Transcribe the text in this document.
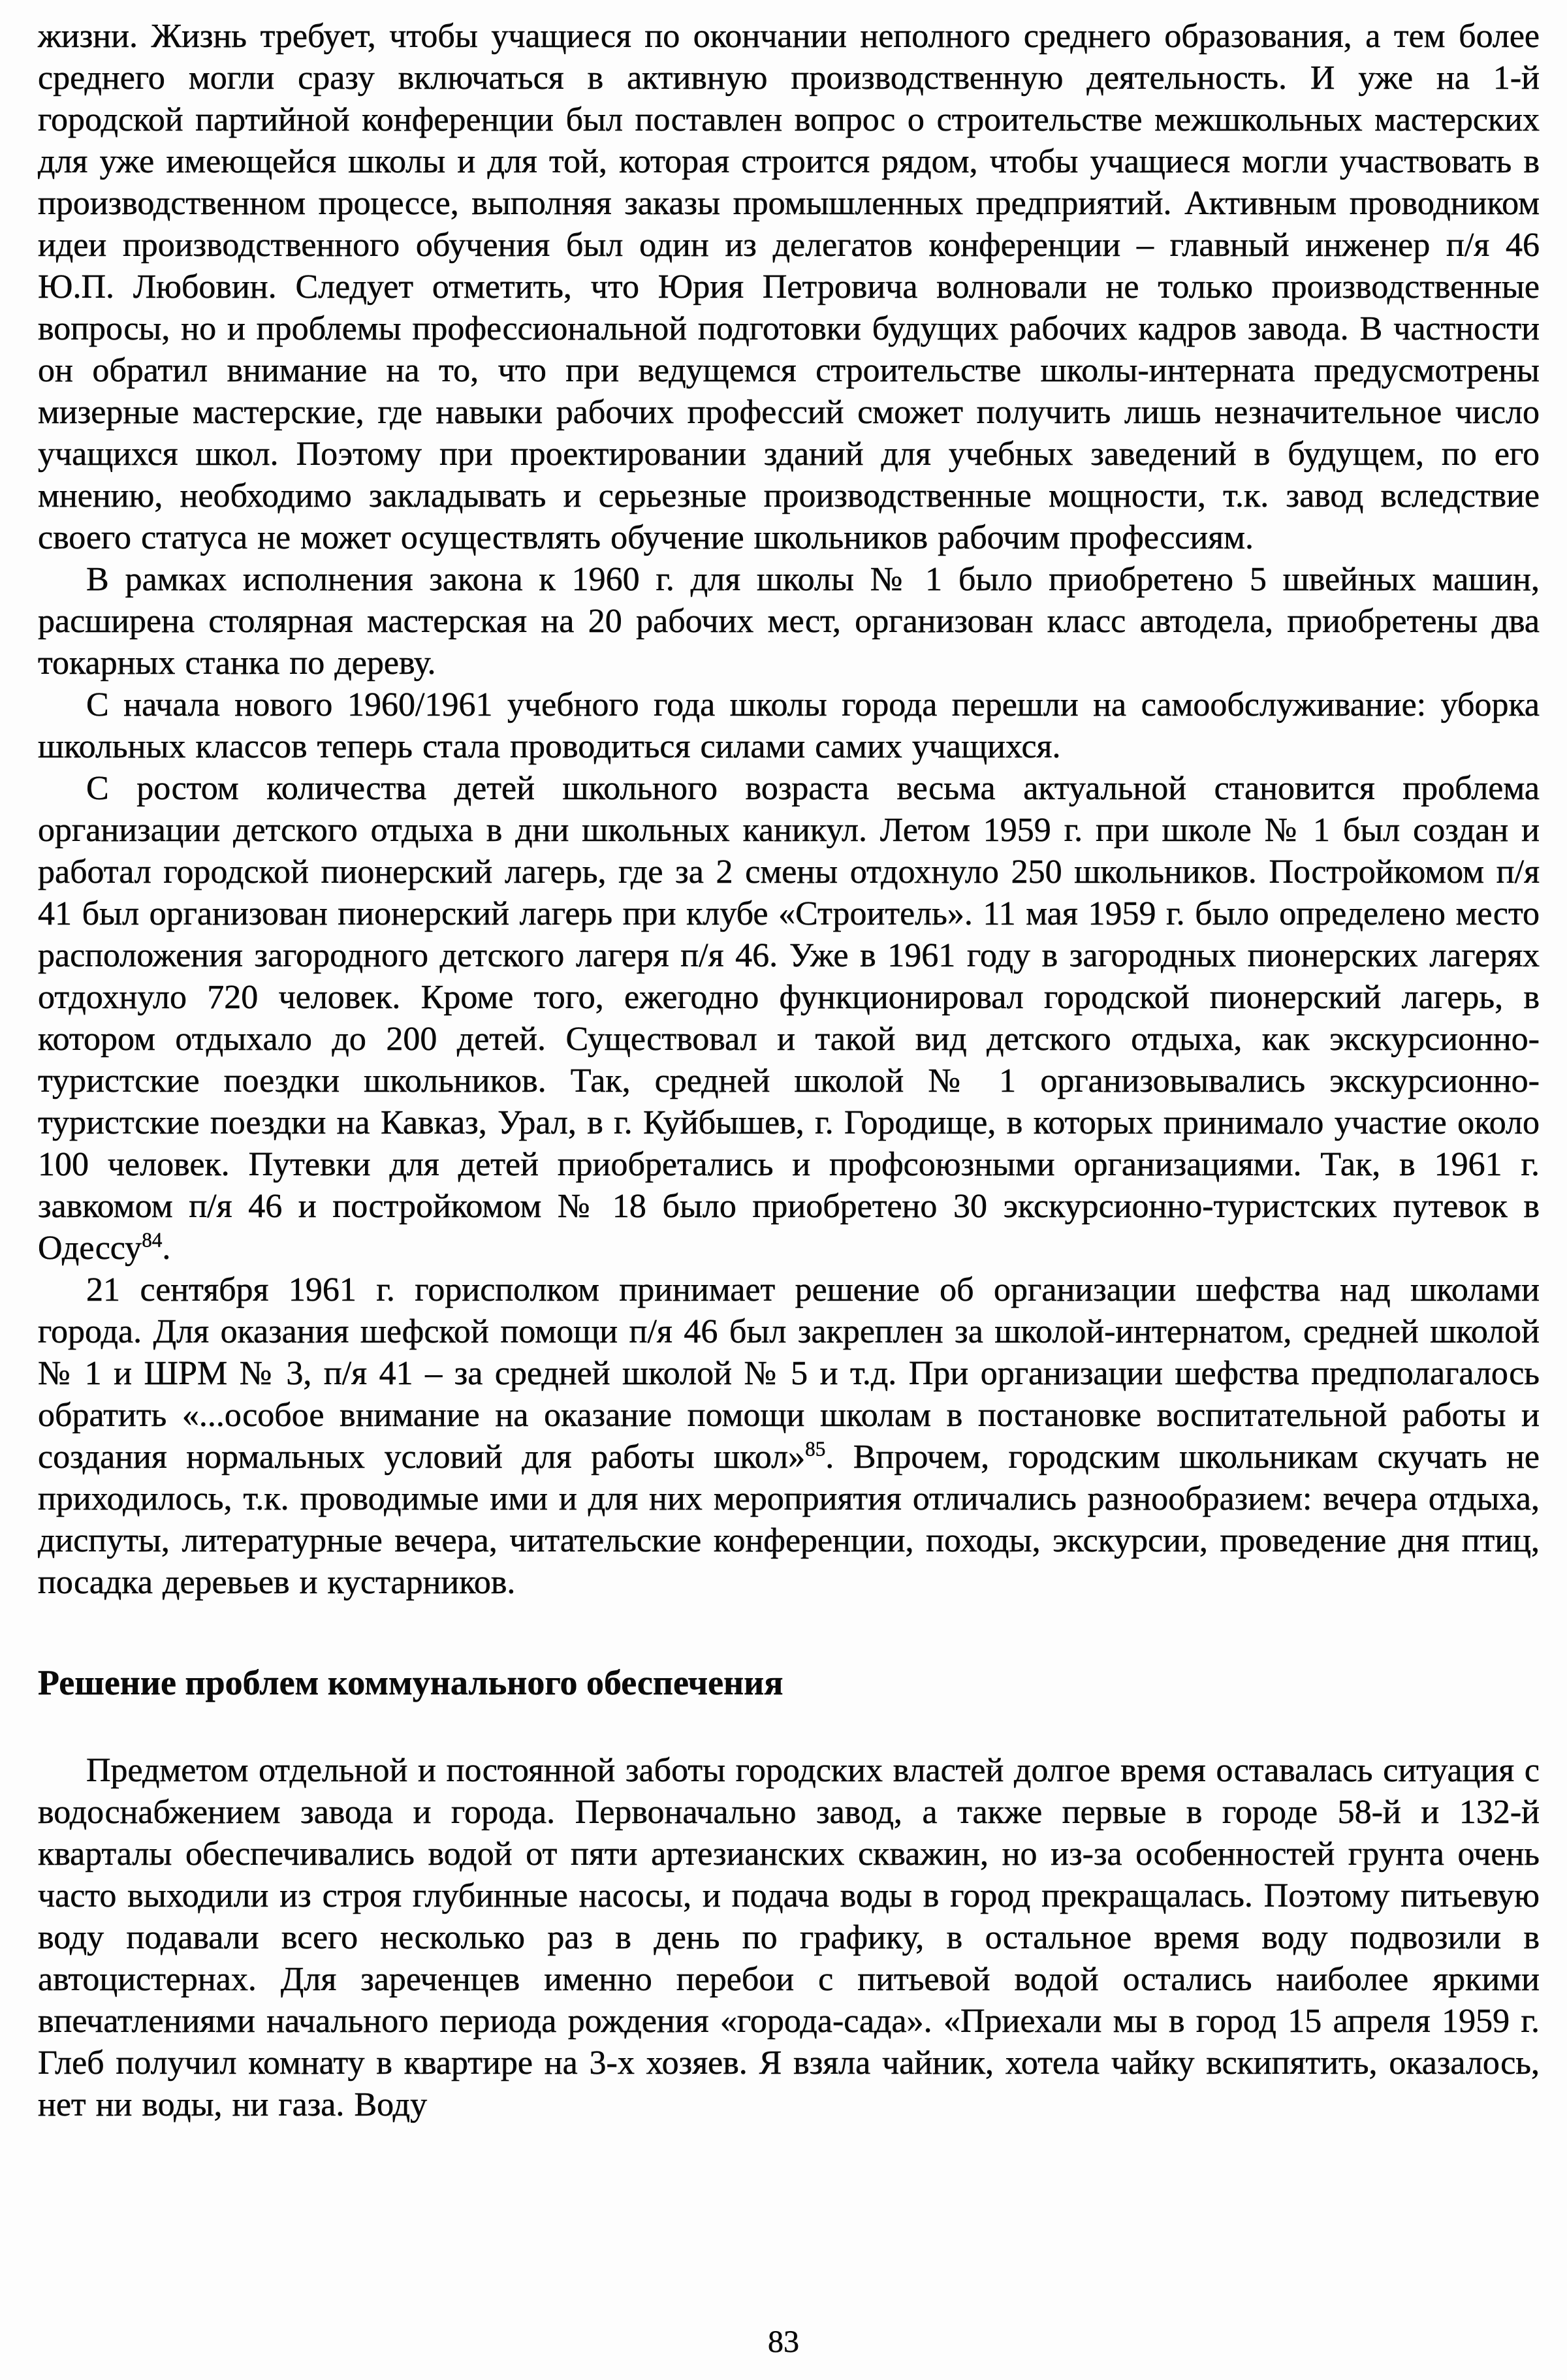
жизни. Жизнь требует, чтобы учащиеся по окончании неполного среднего образования, а тем более среднего могли сразу включаться в активную производственную деятельность. И уже на 1-й городской партийной конференции был поставлен вопрос о строительстве межшкольных мастерских для уже имеющейся школы и для той, которая строится рядом, чтобы учащиеся могли участвовать в производственном процессе, выполняя заказы промышленных предприятий. Активным проводником идеи производственного обучения был один из делегатов конференции – главный инженер п/я 46 Ю.П. Любовин. Следует отметить, что Юрия Петровича волновали не только производственные вопросы, но и проблемы профессиональной подготовки будущих рабочих кадров завода. В частности он обратил внимание на то, что при ведущемся строительстве школы-интерната предусмотрены мизерные мастерские, где навыки рабочих профессий сможет получить лишь незначительное число учащихся школ. Поэтому при проектировании зданий для учебных заведений в будущем, по его мнению, необходимо закладывать и серьезные производственные мощности, т.к. завод вследствие своего статуса не может осуществлять обучение школьников рабочим профессиям.

В рамках исполнения закона к 1960 г. для школы № 1 было приобретено 5 швейных машин, расширена столярная мастерская на 20 рабочих мест, организован класс автодела, приобретены два токарных станка по дереву.

С начала нового 1960/1961 учебного года школы города перешли на самообслуживание: уборка школьных классов теперь стала проводиться силами самих учащихся.

С ростом количества детей школьного возраста весьма актуальной становится проблема организации детского отдыха в дни школьных каникул. Летом 1959 г. при школе № 1 был создан и работал городской пионерский лагерь, где за 2 смены отдохнуло 250 школьников. Постройкомом п/я 41 был организован пионерский лагерь при клубе «Строитель». 11 мая 1959 г. было определено место расположения загородного детского лагеря п/я 46. Уже в 1961 году в загородных пионерских лагерях отдохнуло 720 человек. Кроме того, ежегодно функционировал городской пионерский лагерь, в котором отдыхало до 200 детей. Существовал и такой вид детского отдыха, как экскурсионно-туристские поездки школьников. Так, средней школой № 1 организовывались экскурсионно-туристские поездки на Кавказ, Урал, в г. Куйбышев, г. Городище, в которых принимало участие около 100 человек. Путевки для детей приобретались и профсоюзными организациями. Так, в 1961 г. завкомом п/я 46 и постройкомом № 18 было приобретено 30 экскурсионно-туристских путевок в Одессу$^{84}$.

21 сентября 1961 г. горисполком принимает решение об организации шефства над школами города. Для оказания шефской помощи п/я 46 был закреплен за школой-интернатом, средней школой № 1 и ШРМ № 3, п/я 41 – за средней школой № 5 и т.д. При организации шефства предполагалось обратить «...особое внимание на оказание помощи школам в постановке воспитательной работы и создания нормальных условий для работы школ»$^{85}$. Впрочем, городским школьникам скучать не приходилось, т.к. проводимые ими и для них мероприятия отличались разнообразием: вечера отдыха, диспуты, литературные вечера, читательские конференции, походы, экскурсии, проведение дня птиц, посадка деревьев и кустарников.

Решение проблем коммунального обеспечения

Предметом отдельной и постоянной заботы городских властей долгое время оставалась ситуация с водоснабжением завода и города. Первоначально завод, а также первые в городе 58-й и 132-й кварталы обеспечивались водой от пяти артезианских скважин, но из-за особенностей грунта очень часто выходили из строя глубинные насосы, и подача воды в город прекращалась. Поэтому питьевую воду подавали всего несколько раз в день по графику, в остальное время воду подвозили в автоцистернах. Для зареченцев именно перебои с питьевой водой остались наиболее яркими впечатлениями начального периода рождения «города-сада». «Приехали мы в город 15 апреля 1959 г. Глеб получил комнату в квартире на 3-х хозяев. Я взяла чайник, хотела чайку вскипятить, оказалось, нет ни воды, ни газа. Воду

83
